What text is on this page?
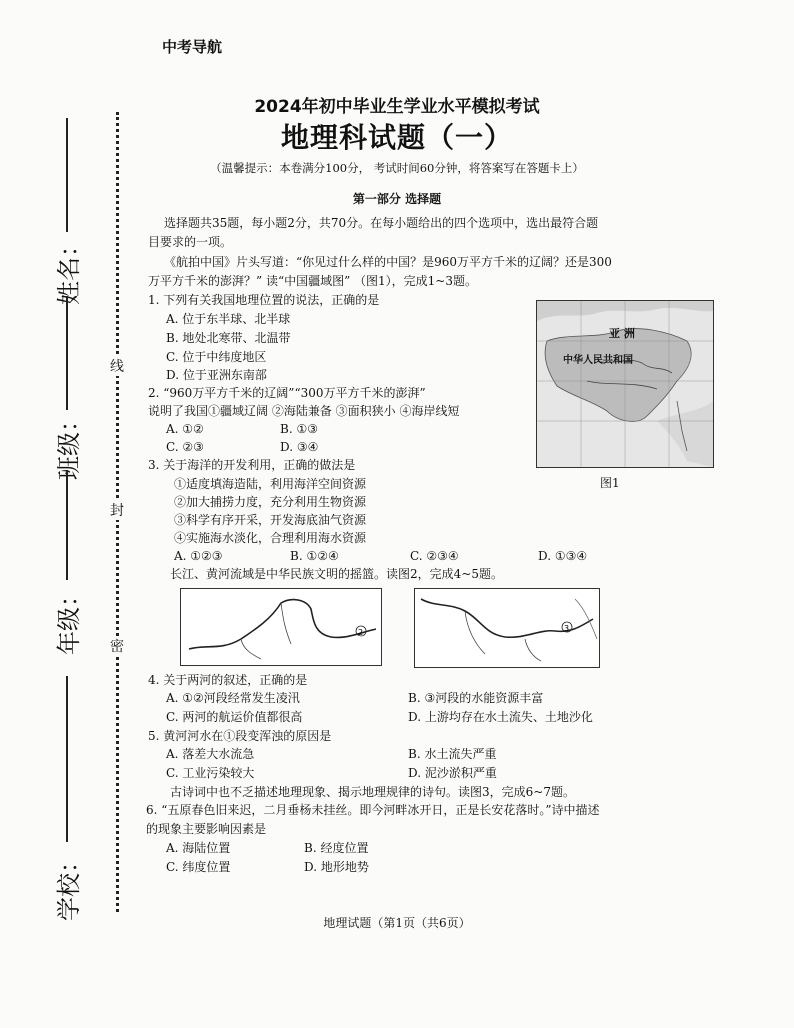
中考导航
2024年初中毕业生学业水平模拟考试
地理科试题（一）
（温馨提示：本卷满分100分， 考试时间60分钟，将答案写在答题卡上）
第一部分 选择题
线
封
密
姓名：
班级：
年级：
学校：
选择题共35题，每小题2分，共70分。在每小题给出的四个选项中，选出最符合题
目要求的一项。
《航拍中国》片头写道：“你见过什么样的中国？是960万平方千米的辽阔？还是300
万平方千米的澎湃？” 读“中国疆域图” （图1），完成1~3题。
1. 下列有关我国地理位置的说法，正确的是
A. 位于东半球、北半球
B. 地处北寒带、北温带
C. 位于中纬度地区
D. 位于亚洲东南部
2. “960万平方千米的辽阔”“300万平方千米的澎湃”
说明了我国①疆域辽阔 ②海陆兼备 ③面积狭小 ④海岸线短
A. ①②	B. ①③
C. ②③	D. ③④
3. 关于海洋的开发利用，正确的做法是
①适度填海造陆，利用海洋空间资源
②加大捕捞力度，充分利用生物资源
③科学有序开采，开发海底油气资源
④实施海水淡化，合理利用海水资源
A. ①②③	B. ①②④	C. ②③④	D. ①③④
长江、黄河流域是中华民族文明的摇篮。读图2，完成4~5题。
亚 洲
中华人民共和国
图1
2	3
4. 关于两河的叙述，正确的是
A. ①②河段经常发生凌汛	B. ③河段的水能资源丰富
C. 两河的航运价值都很高	D. 上游均存在水土流失、土地沙化
5. 黄河河水在①段变浑浊的原因是
A. 落差大水流急	B. 水土流失严重
C. 工业污染较大	D. 泥沙淤积严重
古诗词中也不乏描述地理现象、揭示地理规律的诗句。读图3，完成6~7题。
6. “五原春色旧来迟，二月垂杨未挂丝。即今河畔冰开日，正是长安花落时。”诗中描述
的现象主要影响因素是
A. 海陆位置	B. 经度位置
C. 纬度位置	D. 地形地势
地理试题（第1页（共6页）
